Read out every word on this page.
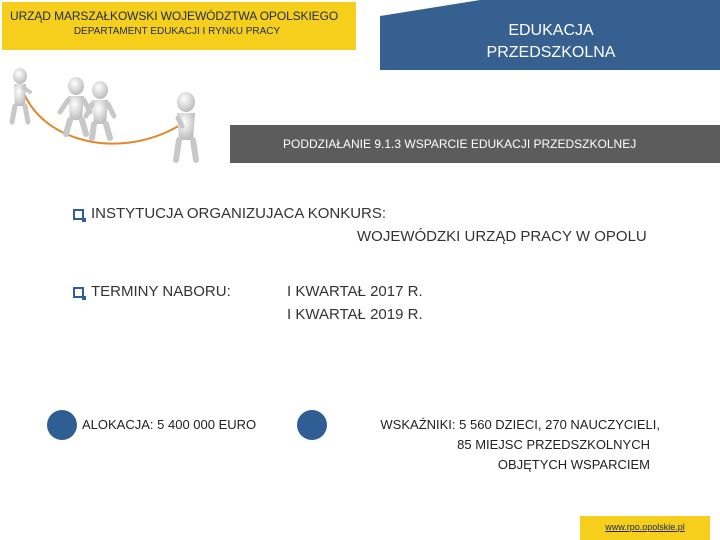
URZĄD MARSZAŁKOWSKI WOJEWÓDZTWA OPOLSKIEGO
DEPARTAMENT EDUKACJI I RYNKU PRACY	EDUKACJA
PRZEDSZKOLNA
PODDZIAŁANIE 9.1.3 WSPARCIE EDUKACJI PRZEDSZKOLNEJ
INSTYTUCJA ORGANIZUJACA KONKURS:
WOJEWÓDZKI URZĄD PRACY W OPOLU
TERMINY NABORU:	I KWARTAŁ 2017 R.
I KWARTAŁ 2019 R.
ALOKACJA: 5 400 000 EURO	WSKAŹNIKI: 5 560 DZIECI, 270 NAUCZYCIELI,
85 MIEJSC PRZEDSZKOLNYCH
OBJĘTYCH WSPARCIEM
www.rpo.opolskie.pl
